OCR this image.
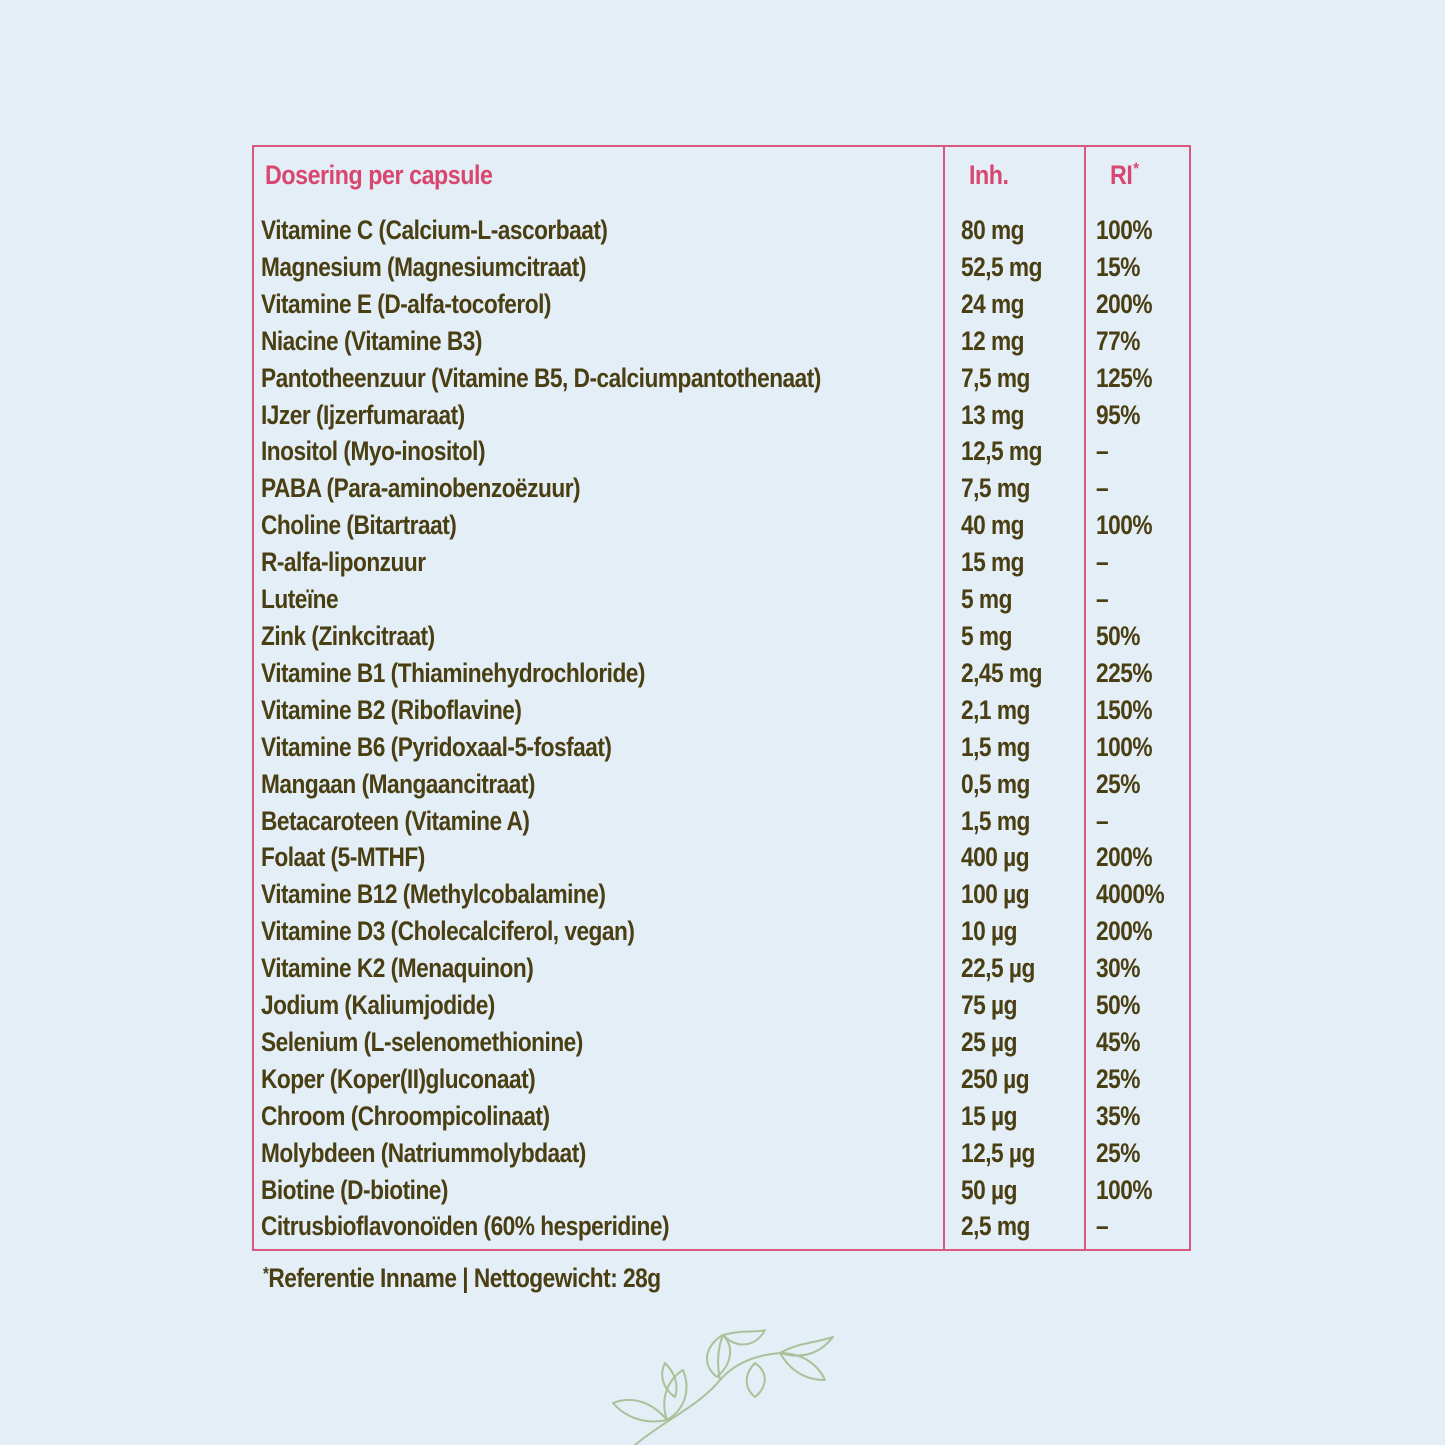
Dosering per capsule	Inh.	RI*
Vitamine C (Calcium-L-ascorbaat)	80 mg	100%
Magnesium (Magnesiumcitraat)	52,5 mg 15%
Vitamine E (D-alfa-tocoferol)	24 mg	200%
Niacine (Vitamine B3)	12 mg	77%
Pantotheenzuur (Vitamine B5, D-calciumpantothenaat)	7,5 mg 125%
IJzer (Ijzerfumaraat)	13 mg	95%
Inositol (Myo-inositol)	12,5 mg –
PABA (Para-aminobenzoëzuur)	7,5 mg –
Choline (Bitartraat)	40 mg	100%
R-alfa-liponzuur	15 mg	–
Luteïne	5 mg	–
Zink (Zinkcitraat)	5 mg	50%
Vitamine B1 (Thiaminehydrochloride)	2,45 mg 225%
Vitamine B2 (Riboflavine)	2,1 mg 150%
Vitamine B6 (Pyridoxaal-5-fosfaat)	1,5 mg 100%
Mangaan (Mangaancitraat)	0,5 mg 25%
Betacaroteen (Vitamine A)	1,5 mg –
Folaat (5-MTHF)	400 µg 200%
Vitamine B12 (Methylcobalamine)	100 µg 4000%
Vitamine D3 (Cholecalciferol, vegan)	10 µg	200%
Vitamine K2 (Menaquinon)	22,5 µg 30%
Jodium (Kaliumjodide)	75 µg	50%
Selenium (L-selenomethionine)	25 µg	45%
Koper (Koper(II)gluconaat)	250 µg 25%
Chroom (Chroompicolinaat)	15 µg	35%
Molybdeen (Natriummolybdaat)	12,5 µg 25%
Biotine (D-biotine)	50 µg	100%
Citrusbioflavonoïden (60% hesperidine)	2,5 mg –
*Referentie Inname | Nettogewicht: 28g
